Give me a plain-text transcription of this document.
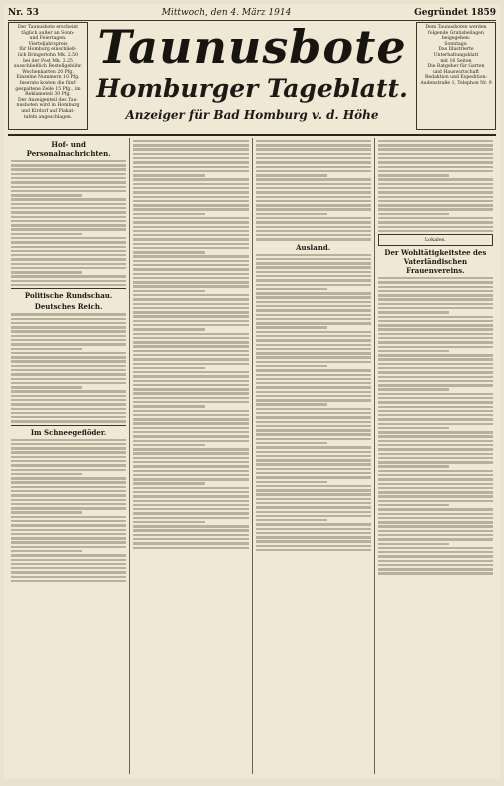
Nr. 53	Mittwoch, den 4. März 1914	Gegründet 1859
Der Taunusbote erscheint
täglich außer an Sonn-
und Feiertagen.
Vierteljahrspreis
für Homburg einschließ-
lich Bringerlohn Mk. 2.50
bei der Post Mk. 2.25
ausschließlich Bestellgebühr.
Wochenkarten 20 Pfg.
Einzelne Nummern 10 Pfg.
Inserate kosten die fünf-
gespaltene Zeile 15 Pfg., im
Reklameteil 30 Pfg.
Der Anzeigenteil des Tau-
nusboten wird in Homburg
und Kirdorf auf Plakat-
tafeln angeschlagen.
Taunusbote
Homburger Tageblatt.
Anzeiger für Bad Homburg v. d. Höhe
Dem Taunusboten werden
folgende Gratisbeilagen
beigegeben:
Sonntags:
Das Illustrierte
Unterhaltungsblatt
mit 16 Seiten
Die Ratgeber für Garten
und Hauswirtschaft
Redaktion und Expedition:
Audenstraße 1, Telephon Nr. 9
Hof- und Personalnachrichten.
Politische Rundschau.
Deutsches Reich.
Im Schneegeflöder.
Ausland.
Lokales.
Der Wohltätigkeitstee des Vaterländischen Frauenvereins.
